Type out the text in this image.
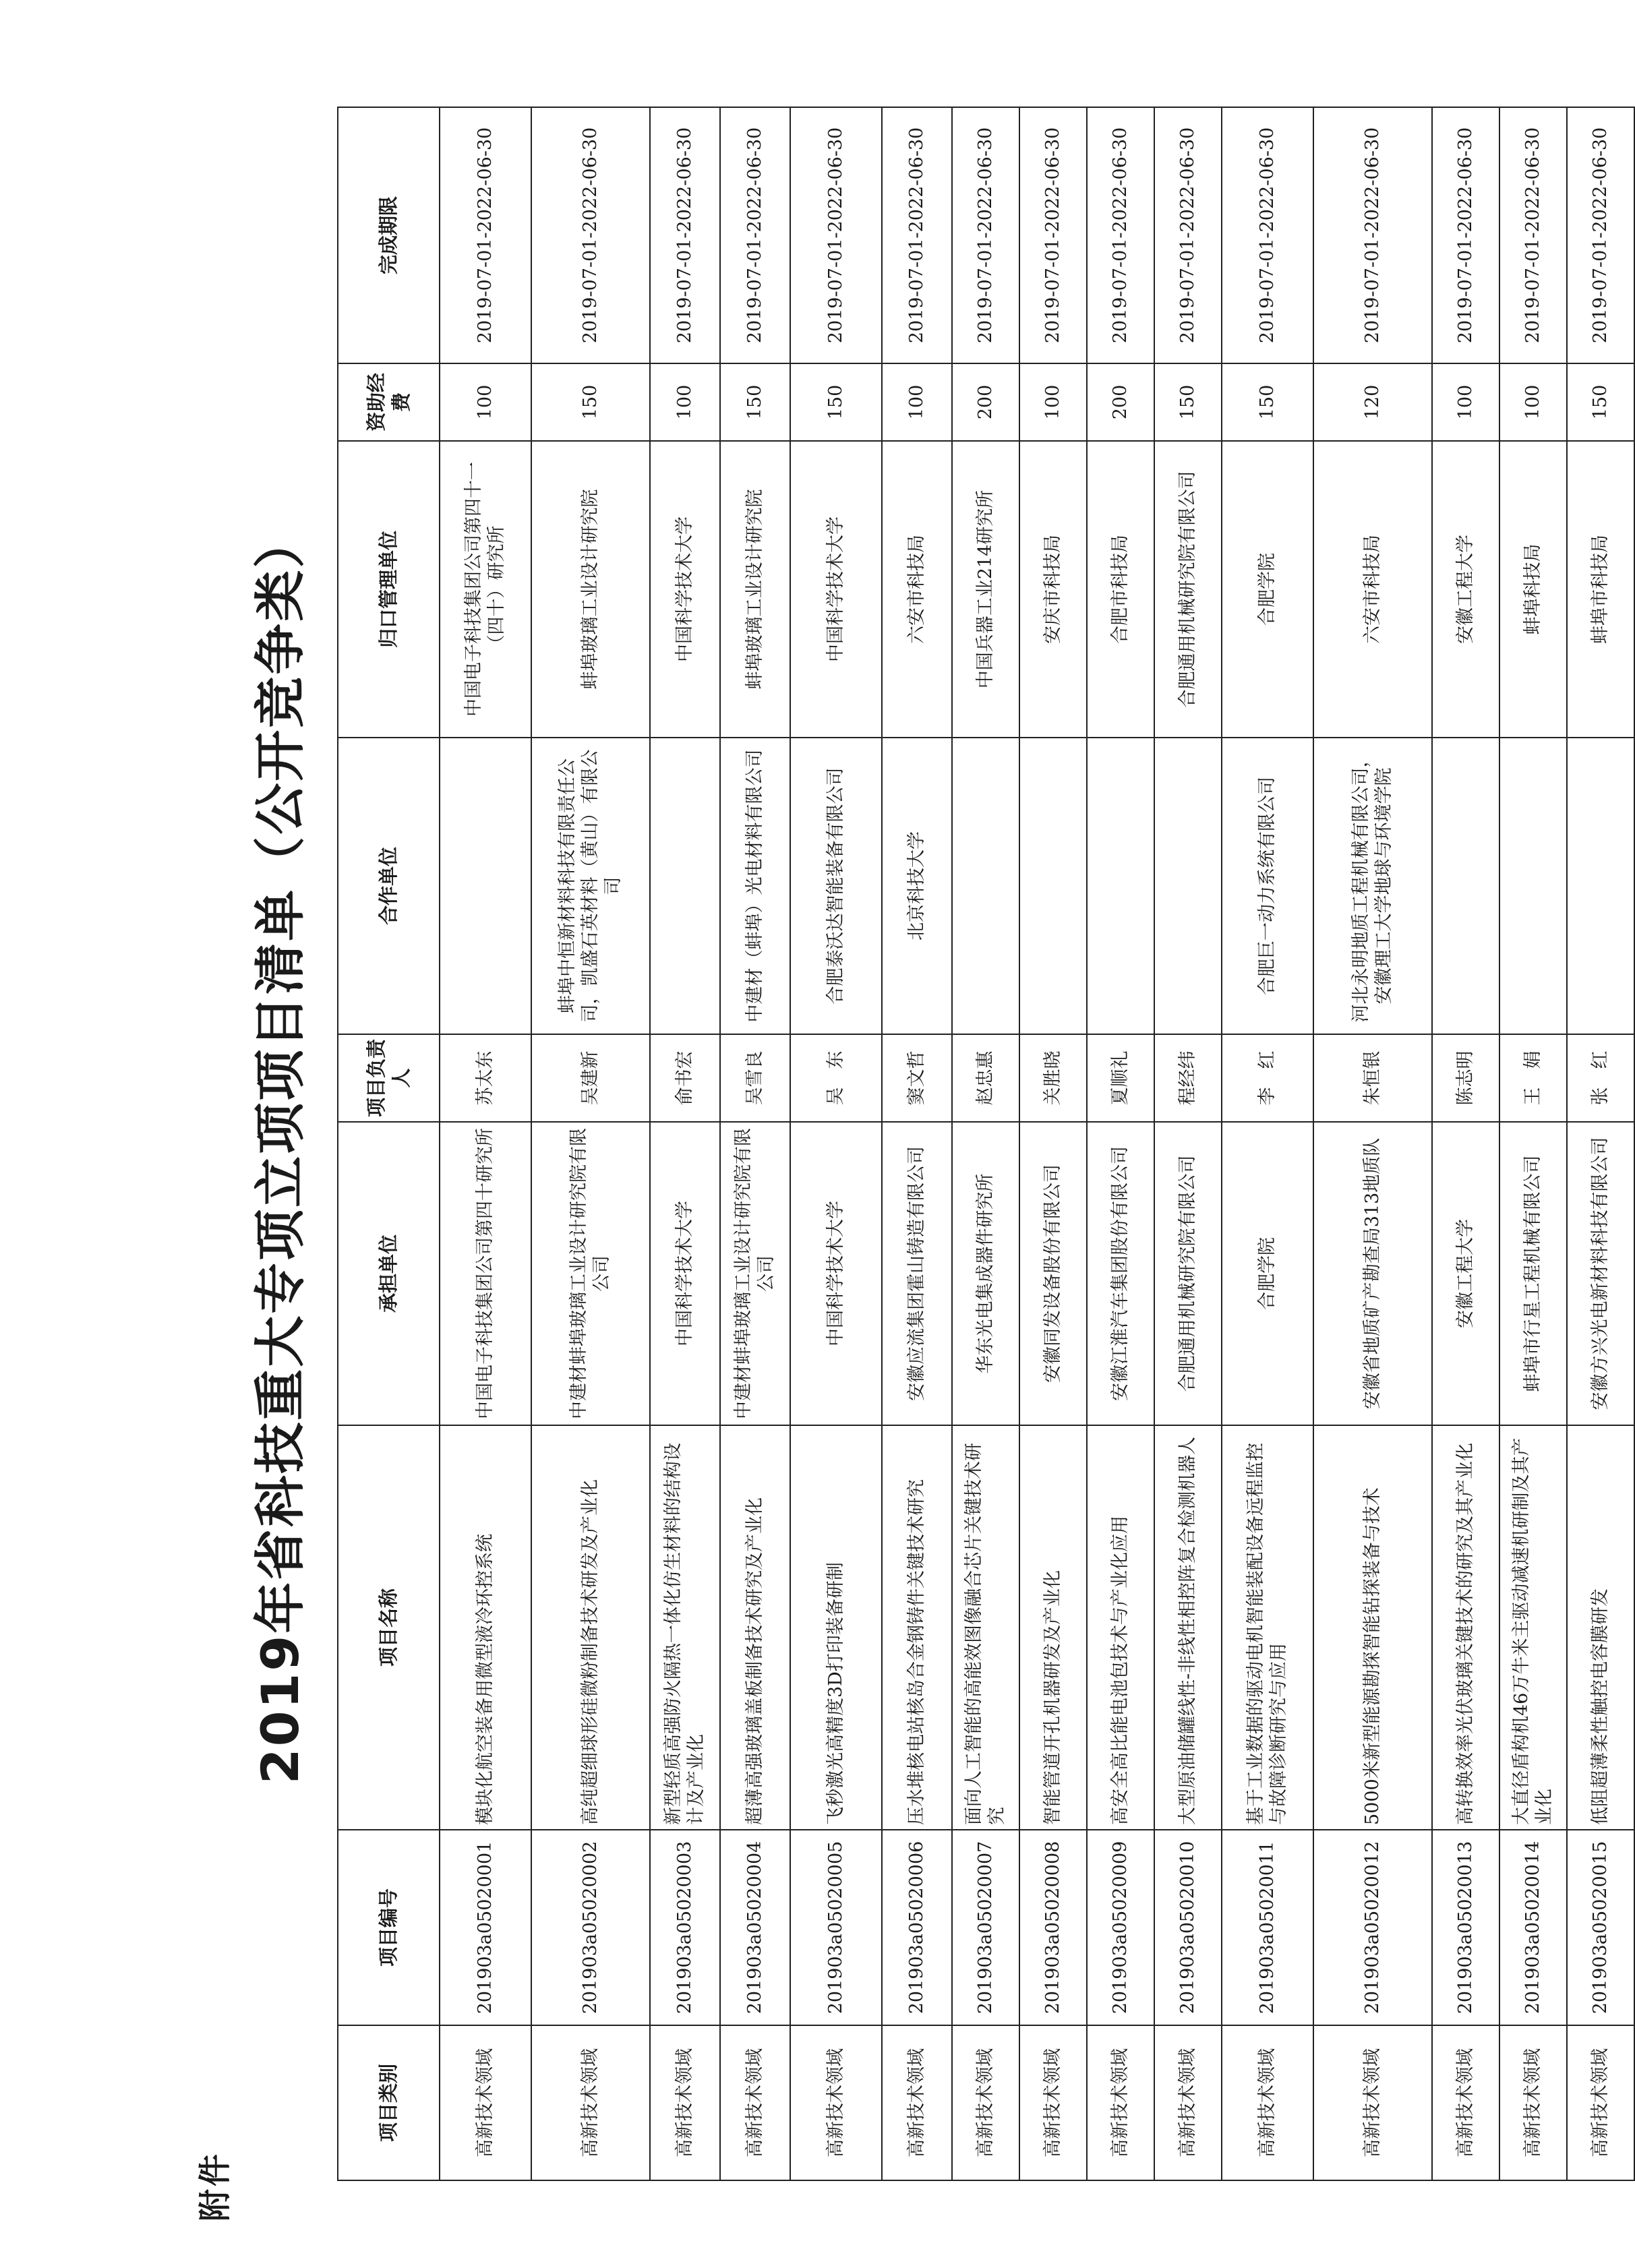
附件
2019年省科技重大专项立项项目清单（公开竞争类）
项目类别	项目编号	项目名称	承担单位	项目负责人	合作单位	归口管理单位	资助经费	完成期限
高新技术领域	201903a05020001	模块化航空装备用微型液冷环控系统	中国电子科技集团公司第四十研究所	苏太东		中国电子科技集团公司第四十一（四十）研究所	100	2019-07-01-2022-06-30
高新技术领域	201903a05020002	高纯超细球形硅微粉制备技术研发及产业化	中建材蚌埠玻璃工业设计研究院有限公司	吴建新	蚌埠中恒新材料科技有限责任公司，凯盛石英材料（黄山）有限公司	蚌埠玻璃工业设计研究院	150	2019-07-01-2022-06-30
高新技术领域	201903a05020003	新型轻质高强防火隔热一体化仿生材料的结构设计及产业化	中国科学技术大学	俞书宏		中国科学技术大学	100	2019-07-01-2022-06-30
高新技术领域	201903a05020004	超薄高强玻璃盖板制备技术研究及产业化	中建材蚌埠玻璃工业设计研究院有限公司	吴雪良	中建材（蚌埠）光电材料有限公司	蚌埠玻璃工业设计研究院	150	2019-07-01-2022-06-30
高新技术领域	201903a05020005	飞秒激光高精度3D打印装备研制	中国科学技术大学	吴　东	合肥泰沃达智能装备有限公司	中国科学技术大学	150	2019-07-01-2022-06-30
高新技术领域	201903a05020006	压水堆核电站核岛合金钢铸件关键技术研究	安徽应流集团霍山铸造有限公司	窦文哲	北京科技大学	六安市科技局	100	2019-07-01-2022-06-30
高新技术领域	201903a05020007	面向人工智能的高能效图像融合芯片关键技术研究	华东光电集成器件研究所	赵忠惠		中国兵器工业214研究所	200	2019-07-01-2022-06-30
高新技术领域	201903a05020008	智能管道开孔机器研发及产业化	安徽同发设备股份有限公司	关胜晓		安庆市科技局	100	2019-07-01-2022-06-30
高新技术领域	201903a05020009	高安全高比能电池包技术与产业化应用	安徽江淮汽车集团股份有限公司	夏顺礼		合肥市科技局	200	2019-07-01-2022-06-30
高新技术领域	201903a05020010	大型原油储罐线性-非线性相控阵复合检测机器人	合肥通用机械研究院有限公司	程经纬		合肥通用机械研究院有限公司	150	2019-07-01-2022-06-30
高新技术领域	201903a05020011	基于工业数据的驱动电机智能装配设备远程监控与故障诊断研究与应用	合肥学院	李　红	合肥巨一动力系统有限公司	合肥学院	150	2019-07-01-2022-06-30
高新技术领域	201903a05020012	5000米新型能源勘探智能钻探装备与技术	安徽省地质矿产勘查局313地质队	朱恒银	河北永明地质工程机械有限公司，安徽理工大学地球与环境学院	六安市科技局	120	2019-07-01-2022-06-30
高新技术领域	201903a05020013	高转换效率光伏玻璃关键技术的研究及其产业化	安徽工程大学	陈志明		安徽工程大学	100	2019-07-01-2022-06-30
高新技术领域	201903a05020014	大直径盾构机46万牛米主驱动减速机研制及其产业化	蚌埠市行星工程机械有限公司	王　娟		蚌埠科技局	100	2019-07-01-2022-06-30
高新技术领域	201903a05020015	低阻超薄柔性触控电容膜研发	安徽方兴光电新材料科技有限公司	张　红		蚌埠市科技局	150	2019-07-01-2022-06-30
